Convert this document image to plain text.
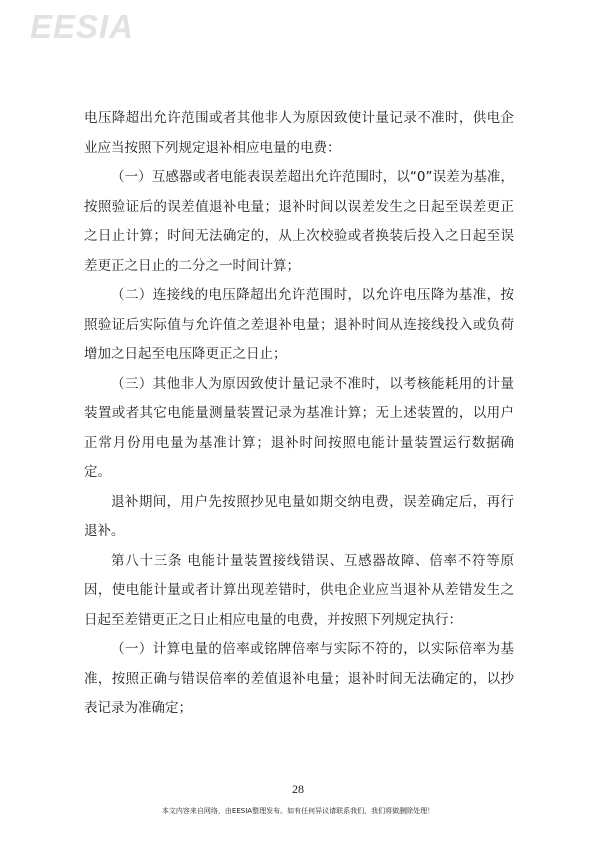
EESIA

电压降超出允许范围或者其他非人为原因致使计量记录不准时，供电企业应当按照下列规定退补相应电量的电费：

（一）互感器或者电能表误差超出允许范围时，以“0”误差为基准，按照验证后的误差值退补电量；退补时间以误差发生之日起至误差更正之日止计算；时间无法确定的，从上次校验或者换装后投入之日起至误差更正之日止的二分之一时间计算；

（二）连接线的电压降超出允许范围时，以允许电压降为基准，按照验证后实际值与允许值之差退补电量；退补时间从连接线投入或负荷增加之日起至电压降更正之日止；

（三）其他非人为原因致使计量记录不准时，以考核能耗用的计量装置或者其它电能量测量装置记录为基准计算；无上述装置的，以用户正常月份用电量为基准计算；退补时间按照电能计量装置运行数据确定。

退补期间，用户先按照抄见电量如期交纳电费，误差确定后，再行退补。

第八十三条 电能计量装置接线错误、互感器故障、倍率不符等原因，使电能计量或者计算出现差错时，供电企业应当退补从差错发生之日起至差错更正之日止相应电量的电费，并按照下列规定执行：

（一）计算电量的倍率或铭牌倍率与实际不符的，以实际倍率为基准，按照正确与错误倍率的差值退补电量；退补时间无法确定的，以抄表记录为准确定；

28
本文内容来自网络，由EESIA整理发布。如有任何异议请联系我们，我们将做删除处理！
